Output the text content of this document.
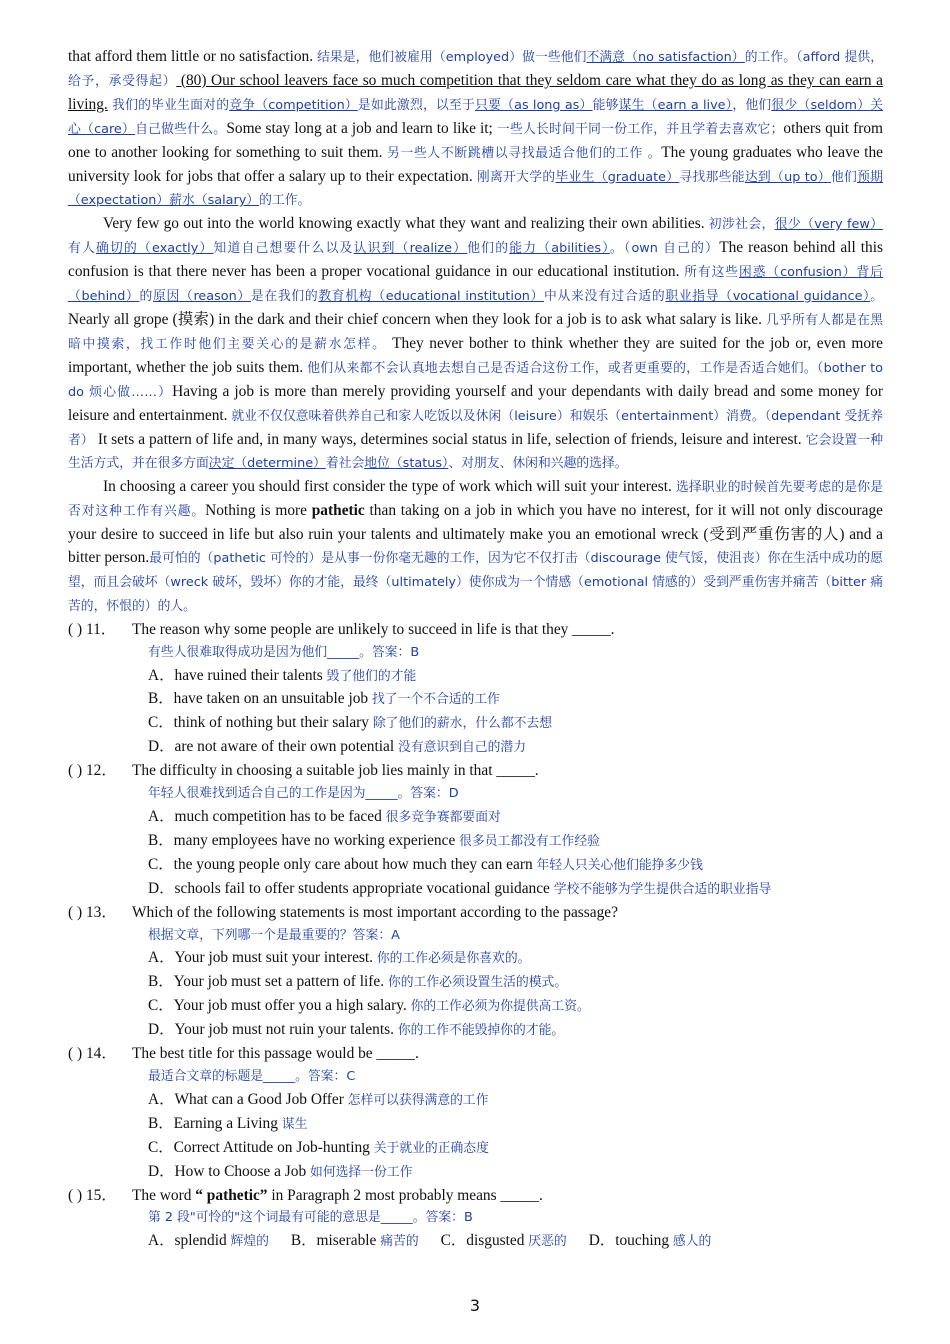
that afford them little or no satisfaction. 结果是，他们被雇用（employed）做一些他们不满意（no satisfaction）的工作。（afford 提供，给予，承受得起） (80) Our school leavers face so much competition that they seldom care what they do as long as they can earn a living. 我们的毕业生面对的竞争（competition）是如此激烈，以至于只要（as long as）能够谋生（earn a live），他们很少（seldom）关心（care）自己做些什么。Some stay long at a job and learn to like it; 一些人长时间干同一份工作，并且学着去喜欢它；others quit from one to another looking for something to suit them. 另一些人不断跳槽以寻找最适合他们的工作 。The young graduates who leave the university look for jobs that offer a salary up to their expectation. 刚离开大学的毕业生（graduate）寻找那些能达到（up to）他们预期（expectation）薪水（salary）的工作。

Very few go out into the world knowing exactly what they want and realizing their own abilities. 初涉社会，很少（very few）有人确切的（exactly）知道自己想要什么以及认识到（realize）他们的能力（abilities）。（own 自己的）The reason behind all this confusion is that there never has been a proper vocational guidance in our educational institution. 所有这些困惑（confusion）背后（behind）的原因（reason）是在我们的教育机构（educational institution）中从来没有过合适的职业指导（vocational guidance）。Nearly all grope (摸索) in the dark and their chief concern when they look for a job is to ask what salary is like. 几乎所有人都是在黑暗中摸索，找工作时他们主要关心的是薪水怎样。 They never bother to think whether they are suited for the job or, even more important, whether the job suits them. 他们从来都不会认真地去想自己是否适合这份工作，或者更重要的，工作是否适合她们。（bother to do 烦心做……）Having a job is more than merely providing yourself and your dependants with daily bread and some money for leisure and entertainment. 就业不仅仅意味着供养自己和家人吃饭以及休闲（leisure）和娱乐（entertainment）消费。（dependant 受抚养者） It sets a pattern of life and, in many ways, determines social status in life, selection of friends, leisure and interest. 它会设置一种生活方式，并在很多方面决定（determine）着社会地位（status）、对朋友、休闲和兴趣的选择。

In choosing a career you should first consider the type of work which will suit your interest. 选择职业的时候首先要考虑的是你是否对这种工作有兴趣。Nothing is more pathetic than taking on a job in which you have no interest, for it will not only discourage your desire to succeed in life but also ruin your talents and ultimately make you an emotional wreck (受到严重伤害的人) and a bitter person.最可怕的（pathetic 可怜的）是从事一份你毫无趣的工作，因为它不仅打击（discourage 使气馁，使沮丧）你在生活中成功的愿望，而且会破坏（wreck 破坏，毁坏）你的才能，最终（ultimately）使你成为一个情感（emotional 情感的）受到严重伤害并痛苦（bitter 痛苦的，怀恨的）的人。

( ) 11． The reason why some people are unlikely to succeed in life is that they _____.

有些人很难取得成功是因为他们_____。答案：B

A．have ruined their talents 毁了他们的才能

B．have taken on an unsuitable job 找了一个不合适的工作

C．think of nothing but their salary 除了他们的薪水，什么都不去想

D．are not aware of their own potential 没有意识到自己的潜力

( ) 12． The difficulty in choosing a suitable job lies mainly in that _____.

年轻人很难找到适合自己的工作是因为_____。答案：D

A．much competition has to be faced 很多竞争赛都要面对

B．many employees have no working experience 很多员工都没有工作经验

C．the young people only care about how much they can earn 年轻人只关心他们能挣多少钱

D．schools fail to offer students appropriate vocational guidance 学校不能够为学生提供合适的职业指导

( ) 13． Which of the following statements is most important according to the passage?

根据文章，下列哪一个是最重要的？答案：A

A．Your job must suit your interest. 你的工作必须是你喜欢的。

B．Your job must set a pattern of life. 你的工作必须设置生活的模式。

C．Your job must offer you a high salary. 你的工作必须为你提供高工资。

D．Your job must not ruin your talents. 你的工作不能毁掉你的才能。

( ) 14． The best title for this passage would be _____.

最适合文章的标题是_____。答案：C

A．What can a Good Job Offer 怎样可以获得满意的工作

B．Earning a Living 谋生

C．Correct Attitude on Job-hunting 关于就业的正确态度

D．How to Choose a Job 如何选择一份工作

( ) 15． The word “ pathetic” in Paragraph 2 most probably means _____.

第 2 段"可怜的"这个词最有可能的意思是_____。答案：B

A．splendid 辉煌的 B．miserable 痛苦的 C．disgusted 厌恶的 D．touching 感人的

3
